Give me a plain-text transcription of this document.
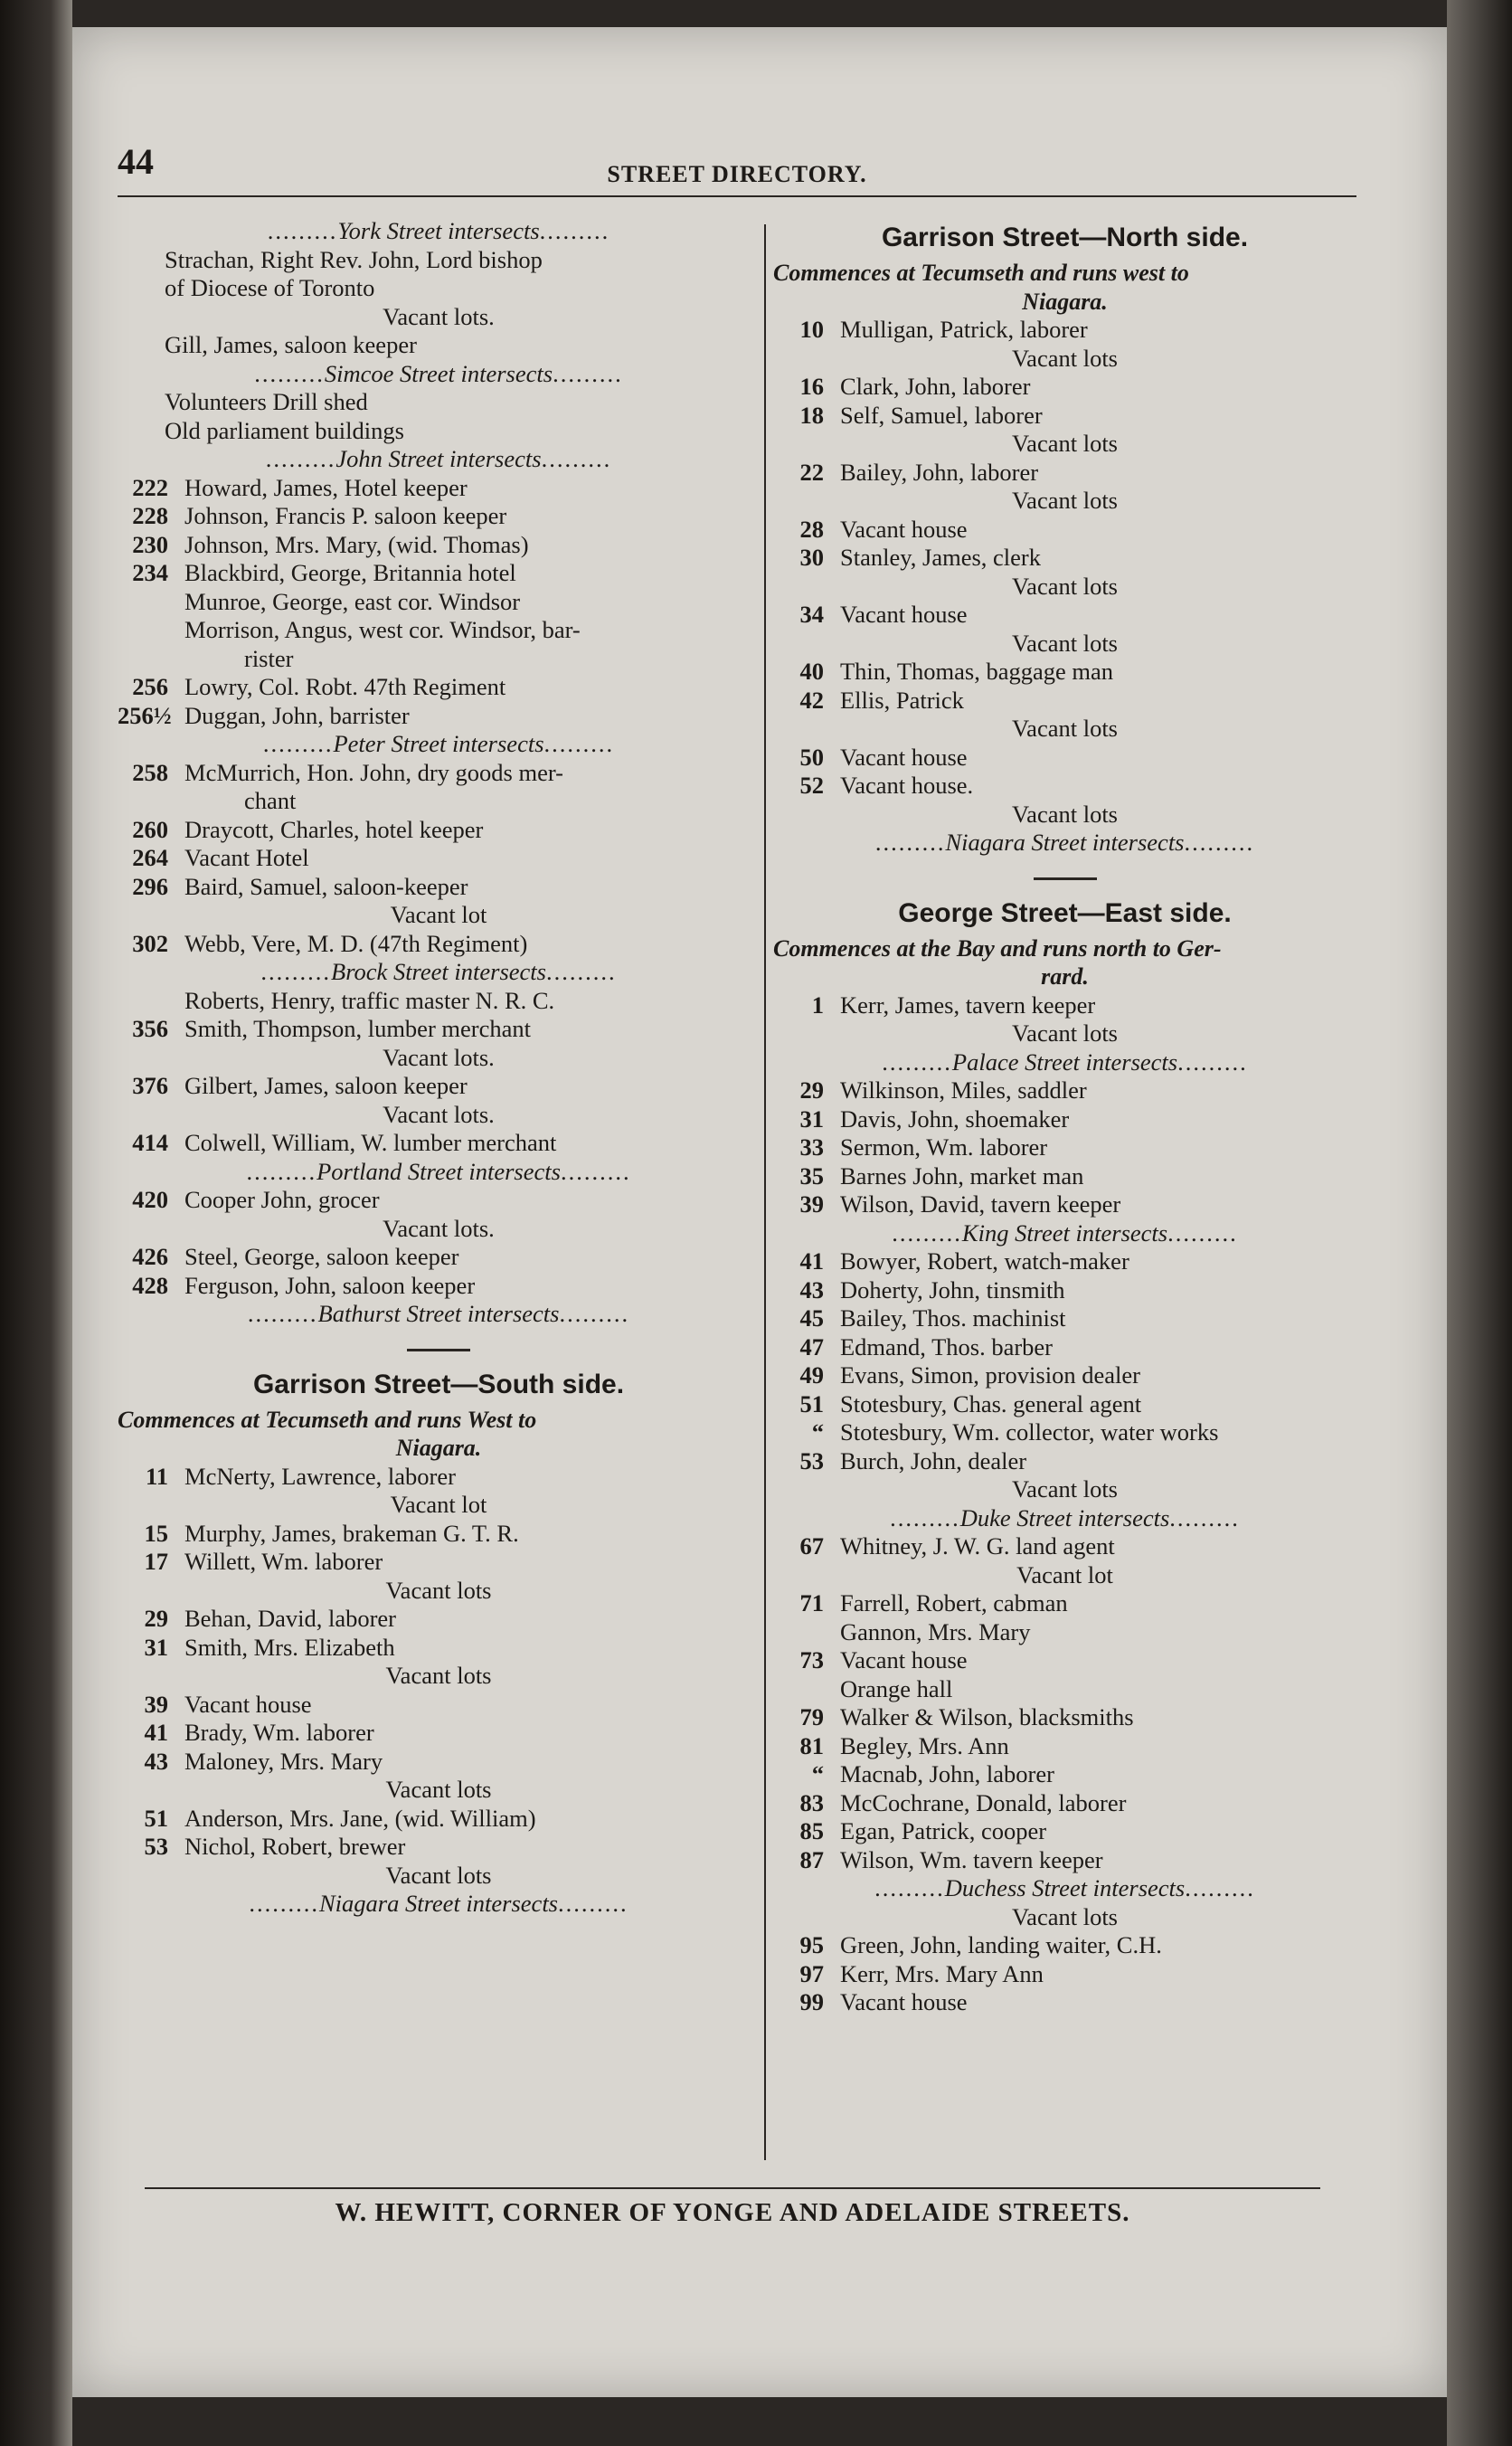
44	STREET DIRECTORY.
......... York Street intersects .........
Strachan, Right Rev. John, Lord bishop
of Diocese of Toronto
Vacant lots.
Gill, James, saloon keeper
......... Simcoe Street intersects .........
Volunteers Drill shed
Old parliament buildings
......... John Street intersects .........
222 Howard, James, Hotel keeper
228 Johnson, Francis P. saloon keeper
230 Johnson, Mrs. Mary, (wid. Thomas)
234 Blackbird, George, Britannia hotel
Munroe, George, east cor. Windsor
Morrison, Angus, west cor. Windsor, bar-
rister
256 Lowry, Col. Robt. 47th Regiment
256½ Duggan, John, barrister
......... Peter Street intersects .........
258 McMurrich, Hon. John, dry goods mer-
chant
260 Draycott, Charles, hotel keeper
264 Vacant Hotel
296 Baird, Samuel, saloon-keeper
Vacant lot
302 Webb, Vere, M. D. (47th Regiment)
......... Brock Street intersects .........
Roberts, Henry, traffic master N. R. C.
356 Smith, Thompson, lumber merchant
Vacant lots.
376 Gilbert, James, saloon keeper
Vacant lots.
414 Colwell, William, W. lumber merchant
......... Portland Street intersects .........
420 Cooper John, grocer
Vacant lots.
426 Steel, George, saloon keeper
428 Ferguson, John, saloon keeper
......... Bathurst Street intersects .........
Garrison Street—South side.
Commences at Tecumseth and runs West to
Niagara.
11 McNerty, Lawrence, laborer
Vacant lot
15 Murphy, James, brakeman G. T. R.
17 Willett, Wm. laborer
Vacant lots
29 Behan, David, laborer
31 Smith, Mrs. Elizabeth
Vacant lots
39 Vacant house
41 Brady, Wm. laborer
43 Maloney, Mrs. Mary
Vacant lots
51 Anderson, Mrs. Jane, (wid. William)
53 Nichol, Robert, brewer
Vacant lots
......... Niagara Street intersects .........
Garrison Street—North side.
Commences at Tecumseth and runs west to
Niagara.
10 Mulligan, Patrick, laborer
Vacant lots
16 Clark, John, laborer
18 Self, Samuel, laborer
Vacant lots
22 Bailey, John, laborer
Vacant lots
28 Vacant house
30 Stanley, James, clerk
Vacant lots
34 Vacant house
Vacant lots
40 Thin, Thomas, baggage man
42 Ellis, Patrick
Vacant lots
50 Vacant house
52 Vacant house.
Vacant lots
......... Niagara Street intersects .........
George Street—East side.
Commences at the Bay and runs north to Ger-
rard.
1 Kerr, James, tavern keeper
Vacant lots
......... Palace Street intersects .........
29 Wilkinson, Miles, saddler
31 Davis, John, shoemaker
33 Sermon, Wm. laborer
35 Barnes John, market man
39 Wilson, David, tavern keeper
......... King Street intersects .........
41 Bowyer, Robert, watch-maker
43 Doherty, John, tinsmith
45 Bailey, Thos. machinist
47 Edmand, Thos. barber
49 Evans, Simon, provision dealer
51 Stotesbury, Chas. general agent
“ Stotesbury, Wm. collector, water works
53 Burch, John, dealer
Vacant lots
......... Duke Street intersects .........
67 Whitney, J. W. G. land agent
Vacant lot
71 Farrell, Robert, cabman
Gannon, Mrs. Mary
73 Vacant house
Orange hall
79 Walker & Wilson, blacksmiths
81 Begley, Mrs. Ann
“ Macnab, John, laborer
83 McCochrane, Donald, laborer
85 Egan, Patrick, cooper
87 Wilson, Wm. tavern keeper
......... Duchess Street intersects .........
Vacant lots
95 Green, John, landing waiter, C.H.
97 Kerr, Mrs. Mary Ann
99 Vacant house
W. HEWITT, CORNER OF YONGE AND ADELAIDE STREETS.
